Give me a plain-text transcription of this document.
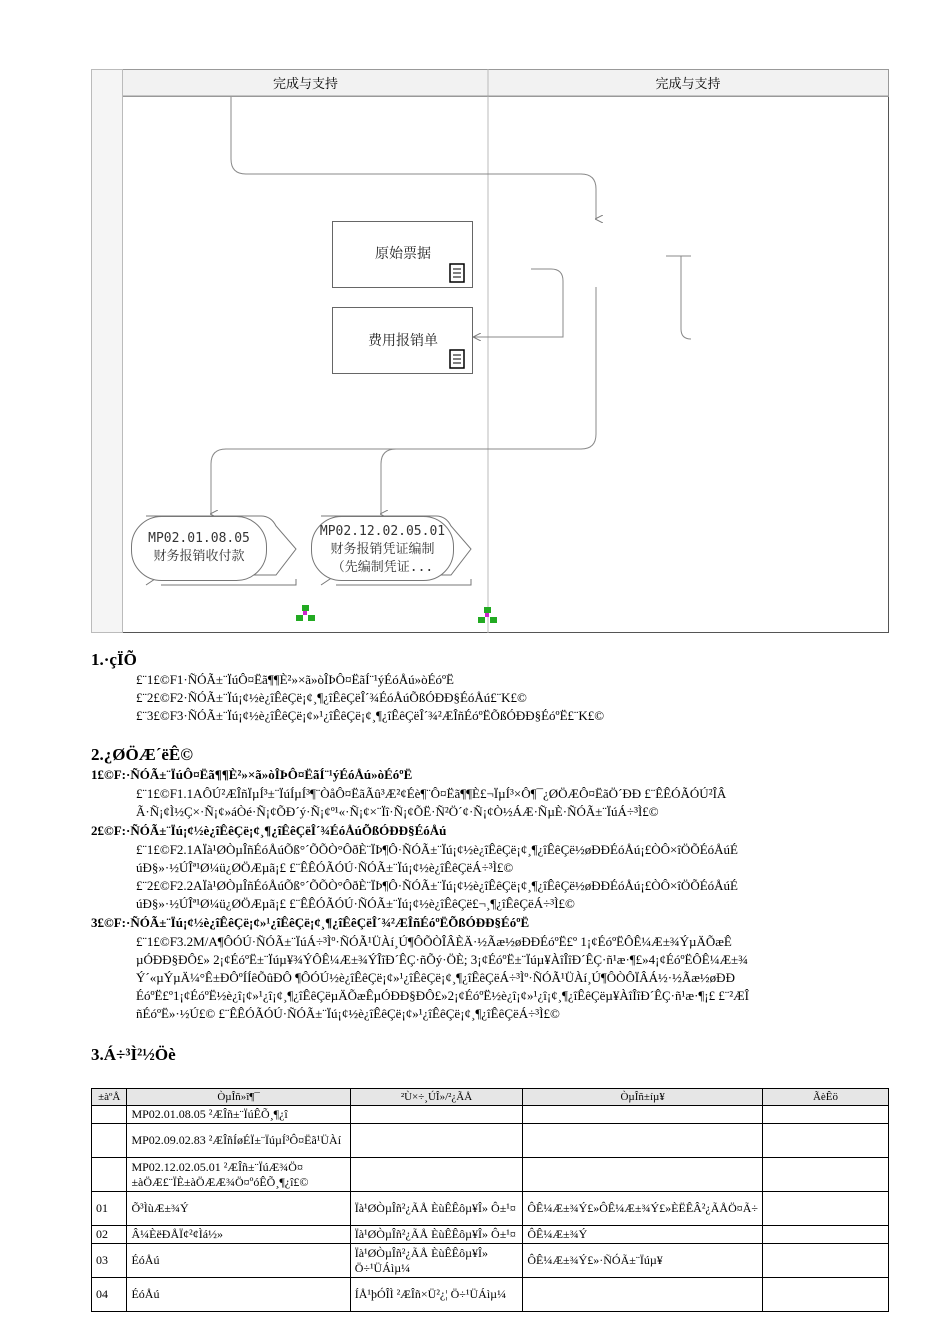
完成与支持	完成与支持
原始票据
费用报销单
MP02.01.08.05
财务报销收付款
MP02.12.02.05.01
财务报销凭证编制
（先编制凭证...
1.·çÏÕ
£¨1£©F1·ÑÓÃ±¨ÏúÔ¤Ëã¶¶È²»×ã»òÎÞÔ¤ËãÍ¨¹ýÉóÅú»òÉóºË
£¨2£©F2·ÑÓÃ±¨Ïú¡¢½è¿îÊêÇë¡¢¸¶¿îÊêÇëÎ´¾ÉóÅúÕßÓÐÐ§ÉóÅú£¨K£©
£¨3£©F3·ÑÓÃ±¨Ïú¡¢½è¿îÊêÇë¡¢»¹¿îÊêÇë¡¢¸¶¿îÊêÇëÎ´¾²ÆÎñÉóºËÕßÓÐÐ§ÉóºË£¨K£©
2.¿ØÖÆ´ëÊ©
1£©F:·ÑÓÃ±¨ÏúÔ¤Ëã¶¶È²»×ã»òÎÞÔ¤ËãÍ¨¹ýÉóÅú»òÉóºË
£¨1£©F1.1AÔÚ²ÆÎñÏµÍ³±¨ÏúÍµÍ³¶¨ÒåÔ¤ËãÃû³Æ²¢Éè¶¨Ô¤Ëã¶¶È£¬ÏµÍ³×Ô¶¯¿ØÖÆÔ¤ËãÖ´ÐÐ £¨ÊÊÓÃÓÚ²ÎÂ
Ã·Ñ¡¢Ì½Ç×·Ñ¡¢»áÒé·Ñ¡¢ÕÐ´ý·Ñ¡¢º¹«·Ñ¡¢×¨Ïî·Ñ¡¢ÕË·Ñ²Ö´¢·Ñ¡¢Ò½ÁÆ·ÑµÈ·ÑÓÃ±¨ÏúÁ÷³Ì£©
2£©F:·ÑÓÃ±¨Ïú¡¢½è¿îÊêÇë¡¢¸¶¿îÊêÇëÎ´¾ÉóÅúÕßÓÐÐ§ÉóÅú
£¨1£©F2.1AÏà¹ØÒµÎñÉóÅúÕß°´ÕÕÒ°ÔðÈ¨ÏÞ¶Ô·ÑÓÃ±¨Ïú¡¢½è¿îÊêÇë¡¢¸¶¿îÊêÇë½øÐÐÉóÅú¡£ÒÔ×îÖÕÉóÅúÉ
úÐ§»·½ÚÎª¹Ø¼ü¿ØÖÆµã¡£ £¨ÊÊÓÃÓÚ·ÑÓÃ±¨Ïú¡¢½è¿îÊêÇëÁ÷³Ì£©
£¨2£©F2.2AÏà¹ØÒµÎñÉóÅúÕß°´ÕÕÒ°ÔðÈ¨ÏÞ¶Ô·ÑÓÃ±¨Ïú¡¢½è¿îÊêÇë¡¢¸¶¿îÊêÇë½øÐÐÉóÅú¡£ÒÔ×îÖÕÉóÅúÉ
úÐ§»·½ÚÎª¹Ø¼ü¿ØÖÆµã¡£ £¨ÊÊÓÃÓÚ·ÑÓÃ±¨Ïú¡¢½è¿îÊêÇë£¬¸¶¿îÊêÇëÁ÷³Ì£©
3£©F:·ÑÓÃ±¨Ïú¡¢½è¿îÊêÇë¡¢»¹¿îÊêÇë¡¢¸¶¿îÊêÇëÎ´¾²ÆÎñÉóºËÕßÓÐÐ§ÉóºË
£¨1£©F3.2M/A¶ÔÓÚ·ÑÓÃ±¨ÏúÁ÷³Ìº·ÑÓÃ¹ÜÀí¸Ú¶ÔÕÒÎÂÈÄ·½Ãæ½øÐÐÉóºË£º 1¡¢ÉóºËÔÊ¼Æ±¾ÝµÄÕæÊ
µÓÐÐ§ÐÔ£» 2¡¢ÉóºË±¨Ïúµ¥¾ÝÔÊ¼Æ±¾ÝÎîÐ´ÊÇ·ñÕý·ÖÈ; 3¡¢ÉóºË±¨Ïúµ¥ÀîÎîÐ´ÊÇ·ñ¹æ·¶£»4¡¢ÉóºËÔÊ¼Æ±¾
Ý´«µÝµÄ¼°Ê±ÐÔºÍÍêÕûÐÔ ¶ÔÓÚ½è¿îÊêÇë¡¢»¹¿îÊêÇë¡¢¸¶¿îÊêÇëÁ÷³Ìº·ÑÓÃ¹ÜÀí¸Ú¶ÔÒÔÏÂÁ½·½Ãæ½øÐÐ
ÉóºË£º1¡¢ÉóºË½è¿î¡¢»¹¿î¡¢¸¶¿îÊêÇëµÄÕæÊµÓÐÐ§ÐÔ£»2¡¢ÉóºË½è¿î¡¢»¹¿î¡¢¸¶¿îÊêÇëµ¥ÀîÎîÐ´ÊÇ·ñ¹æ·¶¡£ £¨²ÆÎ
ñÉóºË»·½Ú£© £¨ÊÊÓÃÓÚ·ÑÓÃ±¨Ïú¡¢½è¿îÊêÇë¡¢»¹¿îÊêÇë¡¢¸¶¿îÊêÇëÁ÷³Ì£©
3.Á÷³Ì²½Öè
±àºÅ	ÒµÎñ»î¶¯	²Ù×÷¸ÚÎ»/²¿ÃÅ	ÒµÎñ±íµ¥	ÃèÊö
	MP02.01.08.05 ²ÆÎñ±¨ÏúÊÕ¸¶¿î			
	MP02.09.02.83 ²ÆÎñÍøÉÏ±¨ÏúµÍ³Ô¤Ëã¹ÜÀí			
	MP02.12.02.05.01 ²ÆÎñ±¨ÏúÆ¾Ö¤±àÖÆ£¨ÏÈ±àÖÆÆ¾Ö¤ºóÊÕ¸¶¿î£©			
01	Õ³ÌùÆ±¾Ý	Ïà¹ØÒµÎñ²¿ÃÅ ÈùÊÊôµ¥Î» Ô±¹¤	ÔÊ¼Æ±¾Ý£»ÔÊ¼Æ±¾Ý£»ÈËÊÂ²¿ÃÅÖ¤Ã÷	
02	Â¼ÈëÐÅÏ¢²¢Ìá½»	Ïà¹ØÒµÎñ²¿ÃÅ ÈùÊÊôµ¥Î» Ô±¹¤	ÔÊ¼Æ±¾Ý	
03	ÉóÅú	Ïà¹ØÒµÎñ²¿ÃÅ ÈùÊÊôµ¥Î» Ö÷¹ÜÁìµ¼	ÔÊ¼Æ±¾Ý£»·ÑÓÃ±¨Ïúµ¥	
04	ÉóÅú	ÍÅ¹þÓÎÌ ²ÆÎñ×Ü²¿¦ Ö÷¹ÜÁìµ¼		
